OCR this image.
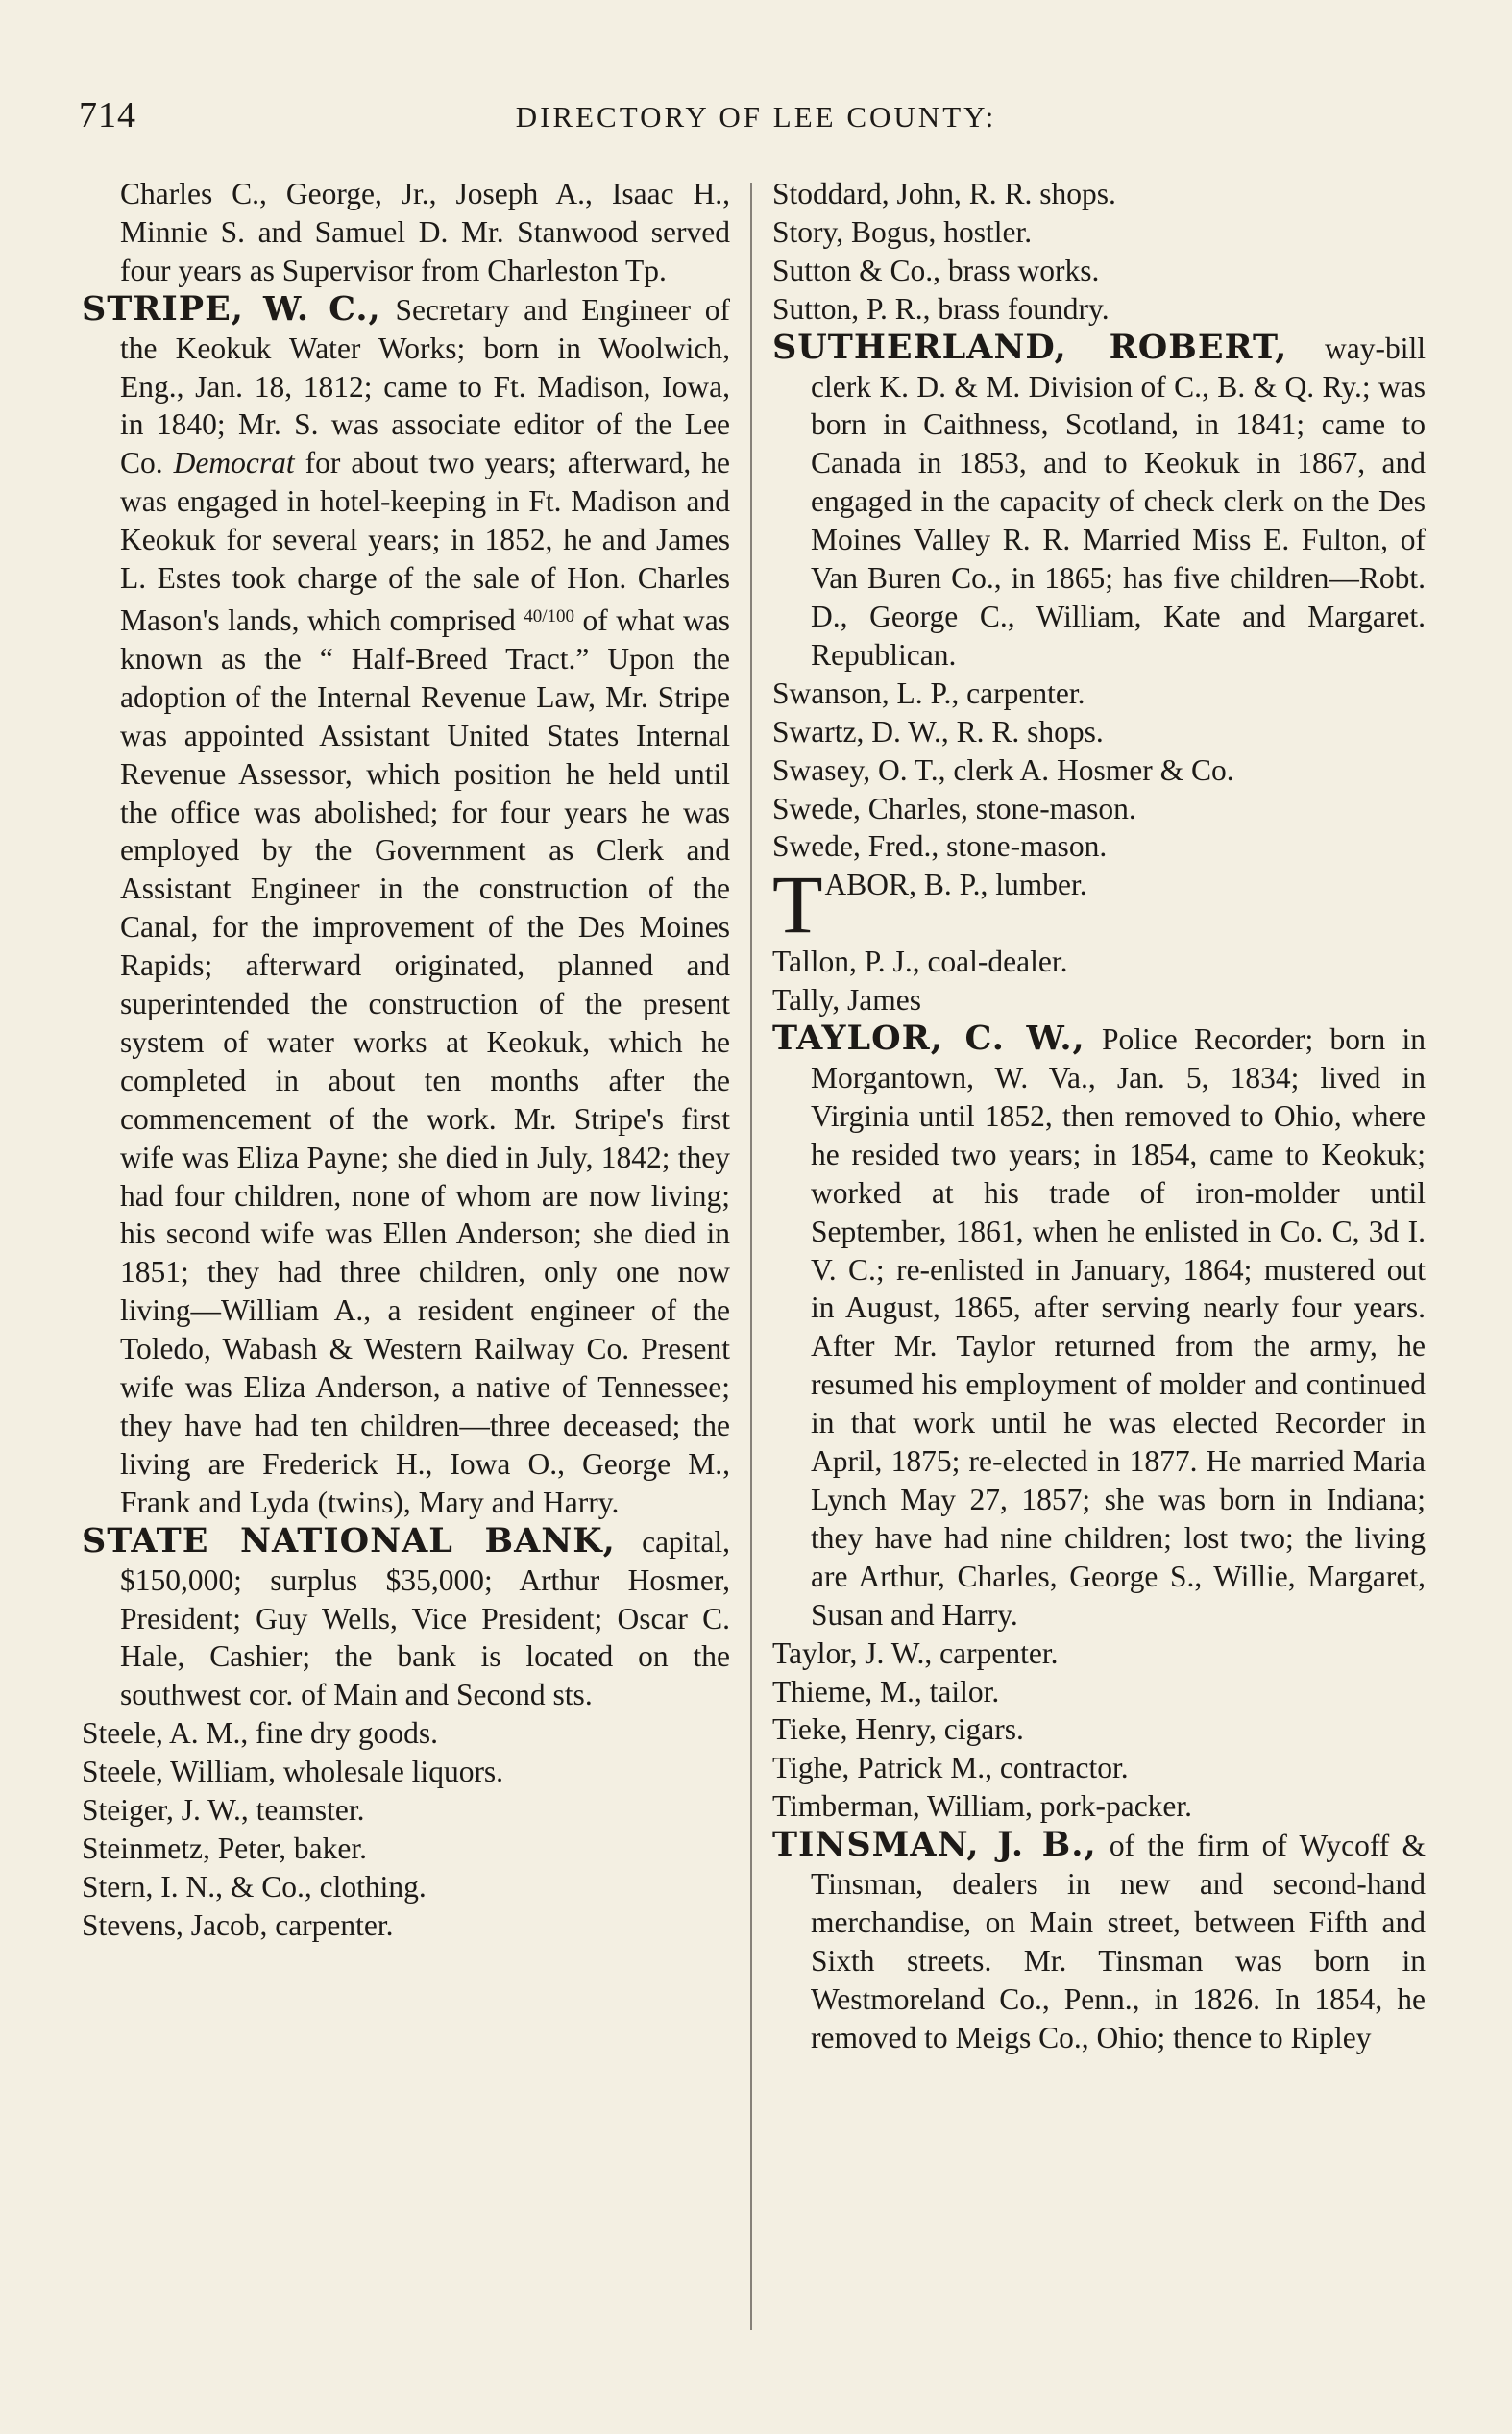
714	DIRECTORY OF LEE COUNTY:
Charles C., George, Jr., Joseph A., Isaac H., Minnie S. and Samuel D. Mr. Stanwood served four years as Supervisor from Charleston Tp.
STRIPE, W. C., Secretary and Engineer of the Keokuk Water Works; born in Woolwich, Eng., Jan. 18, 1812; came to Ft. Madison, Iowa, in 1840; Mr. S. was associate editor of the Lee Co. Democrat for about two years; afterward, he was engaged in hotel-keeping in Ft. Madison and Keokuk for several years; in 1852, he and James L. Estes took charge of the sale of Hon. Charles Mason's lands, which comprised $^{40/100}$ of what was known as the “ Half-Breed Tract.” Upon the adoption of the Internal Revenue Law, Mr. Stripe was appointed Assistant United States Internal Revenue Assessor, which position he held until the office was abolished; for four years he was employed by the Government as Clerk and Assistant Engineer in the construction of the Canal, for the improvement of the Des Moines Rapids; afterward originated, planned and superintended the construction of the present system of water works at Keokuk, which he completed in about ten months after the commencement of the work. Mr. Stripe's first wife was Eliza Payne; she died in July, 1842; they had four children, none of whom are now living; his second wife was Ellen Anderson; she died in 1851; they had three children, only one now living—William A., a resident engineer of the Toledo, Wabash & Western Railway Co. Present wife was Eliza Anderson, a native of Tennessee; they have had ten children—three deceased; the living are Frederick H., Iowa O., George M., Frank and Lyda (twins), Mary and Harry.
STATE NATIONAL BANK, capital, $150,000; surplus $35,000; Arthur Hosmer, President; Guy Wells, Vice President; Oscar C. Hale, Cashier; the bank is located on the southwest cor. of Main and Second sts.
Steele, A. M., fine dry goods.
Steele, William, wholesale liquors.
Steiger, J. W., teamster.
Steinmetz, Peter, baker.
Stern, I. N., & Co., clothing.
Stevens, Jacob, carpenter.
Stoddard, John, R. R. shops.
Story, Bogus, hostler.
Sutton & Co., brass works.
Sutton, P. R., brass foundry.
SUTHERLAND, ROBERT, way-bill clerk K. D. & M. Division of C., B. & Q. Ry.; was born in Caithness, Scotland, in 1841; came to Canada in 1853, and to Keokuk in 1867, and engaged in the capacity of check clerk on the Des Moines Valley R. R. Married Miss E. Fulton, of Van Buren Co., in 1865; has five children—Robt. D., George C., William, Kate and Margaret. Republican.
Swanson, L. P., carpenter.
Swartz, D. W., R. R. shops.
Swasey, O. T., clerk A. Hosmer & Co.
Swede, Charles, stone-mason.
Swede, Fred., stone-mason.
T ABOR, B. P., lumber.
Tallon, P. J., coal-dealer.
Tally, James
TAYLOR, C. W., Police Recorder; born in Morgantown, W. Va., Jan. 5, 1834; lived in Virginia until 1852, then removed to Ohio, where he resided two years; in 1854, came to Keokuk; worked at his trade of iron-molder until September, 1861, when he enlisted in Co. C, 3d I. V. C.; re-enlisted in January, 1864; mustered out in August, 1865, after serving nearly four years. After Mr. Taylor returned from the army, he resumed his employment of molder and continued in that work until he was elected Recorder in April, 1875; re-elected in 1877. He married Maria Lynch May 27, 1857; she was born in Indiana; they have had nine children; lost two; the living are Arthur, Charles, George S., Willie, Margaret, Susan and Harry.
Taylor, J. W., carpenter.
Thieme, M., tailor.
Tieke, Henry, cigars.
Tighe, Patrick M., contractor.
Timberman, William, pork-packer.
TINSMAN, J. B., of the firm of Wycoff & Tinsman, dealers in new and second-hand merchandise, on Main street, between Fifth and Sixth streets. Mr. Tinsman was born in Westmoreland Co., Penn., in 1826. In 1854, he removed to Meigs Co., Ohio; thence to Ripley
